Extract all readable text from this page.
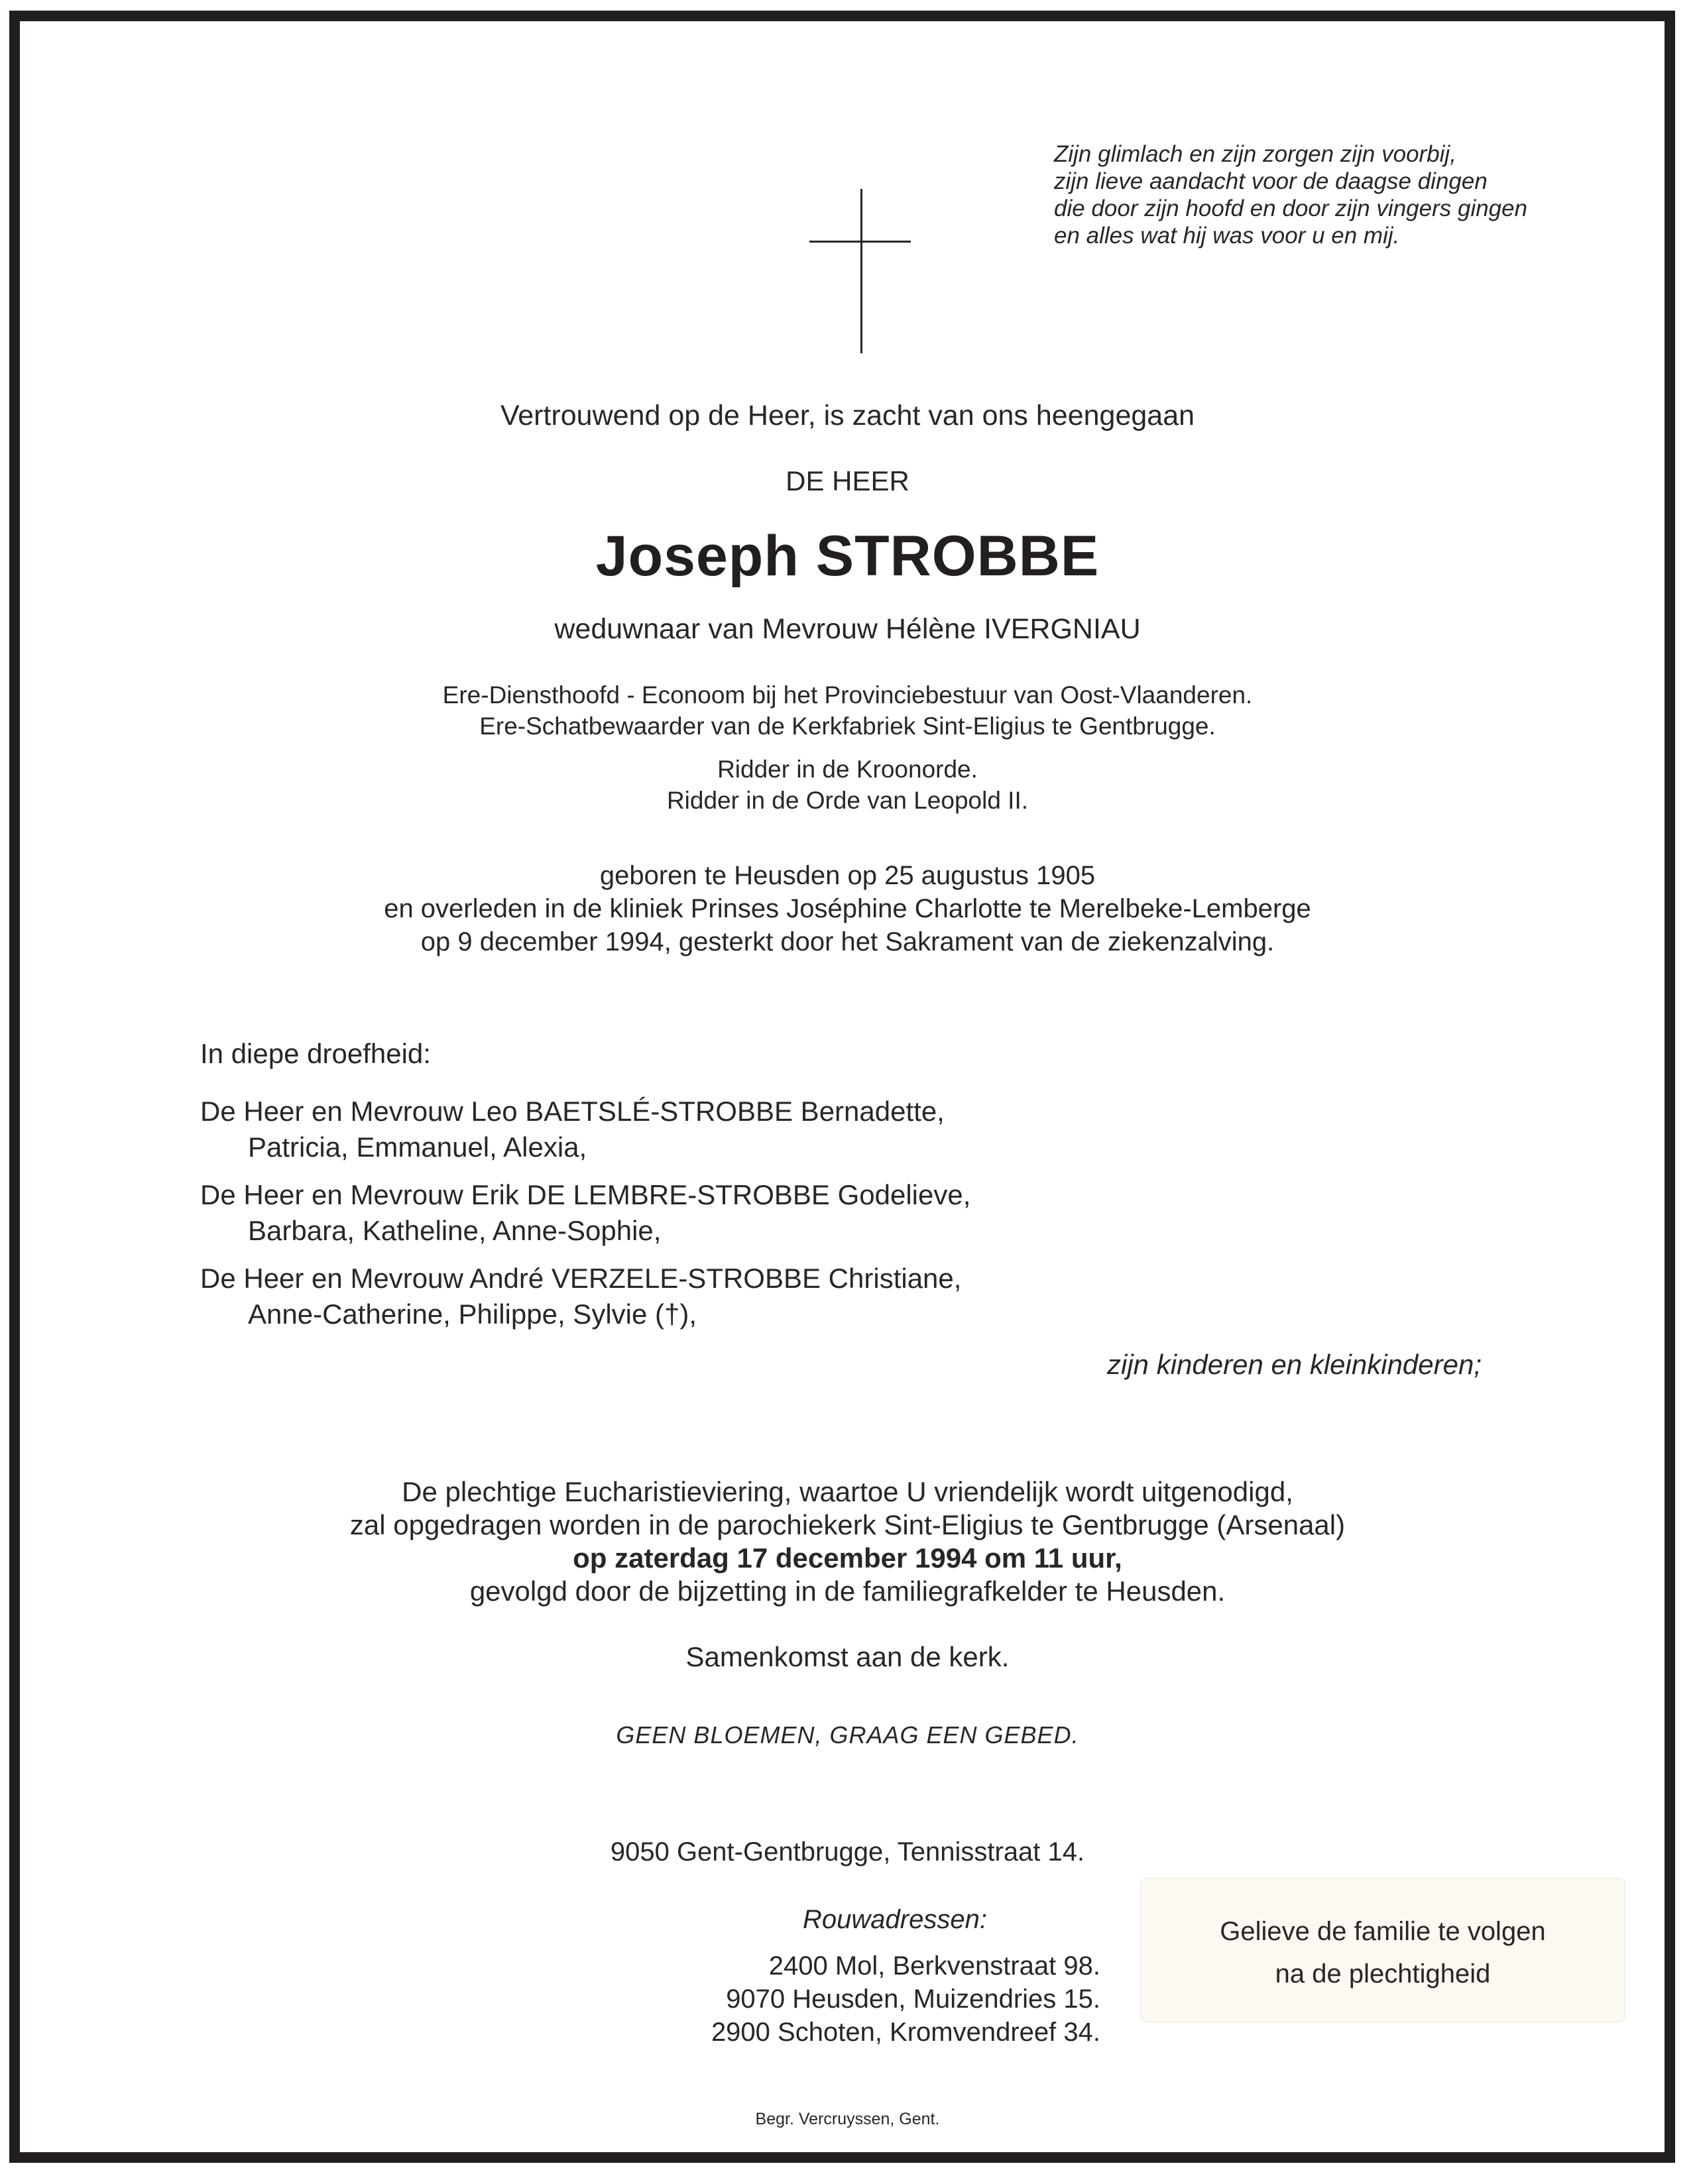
Zijn glimlach en zijn zorgen zijn voorbij,
zijn lieve aandacht voor de daagse dingen
die door zijn hoofd en door zijn vingers gingen
en alles wat hij was voor u en mij.
Vertrouwend op de Heer, is zacht van ons heengegaan
DE HEER
Joseph STROBBE
weduwnaar van Mevrouw Hélène IVERGNIAU
Ere-Diensthoofd - Econoom bij het Provinciebestuur van Oost-Vlaanderen.
Ere-Schatbewaarder van de Kerkfabriek Sint-Eligius te Gentbrugge.
Ridder in de Kroonorde.
Ridder in de Orde van Leopold II.
geboren te Heusden op 25 augustus 1905
en overleden in de kliniek Prinses Joséphine Charlotte te Merelbeke-Lemberge
op 9 december 1994, gesterkt door het Sakrament van de ziekenzalving.
In diepe droefheid:
De Heer en Mevrouw Leo BAETSLÉ-STROBBE Bernadette,
Patricia, Emmanuel, Alexia,
De Heer en Mevrouw Erik DE LEMBRE-STROBBE Godelieve,
Barbara, Katheline, Anne-Sophie,
De Heer en Mevrouw André VERZELE-STROBBE Christiane,
Anne-Catherine, Philippe, Sylvie (†),
zijn kinderen en kleinkinderen;
De plechtige Eucharistieviering, waartoe U vriendelijk wordt uitgenodigd,
zal opgedragen worden in de parochiekerk Sint-Eligius te Gentbrugge (Arsenaal)
op zaterdag 17 december 1994 om 11 uur,
gevolgd door de bijzetting in de familiegrafkelder te Heusden.
Samenkomst aan de kerk.
GEEN BLOEMEN, GRAAG EEN GEBED.
9050 Gent-Gentbrugge, Tennisstraat 14.
Rouwadressen:
2400 Mol, Berkvenstraat 98.
9070 Heusden, Muizendries 15.
2900 Schoten, Kromvendreef 34.
Gelieve de familie te volgen
na de plechtigheid
Begr. Vercruyssen, Gent.
